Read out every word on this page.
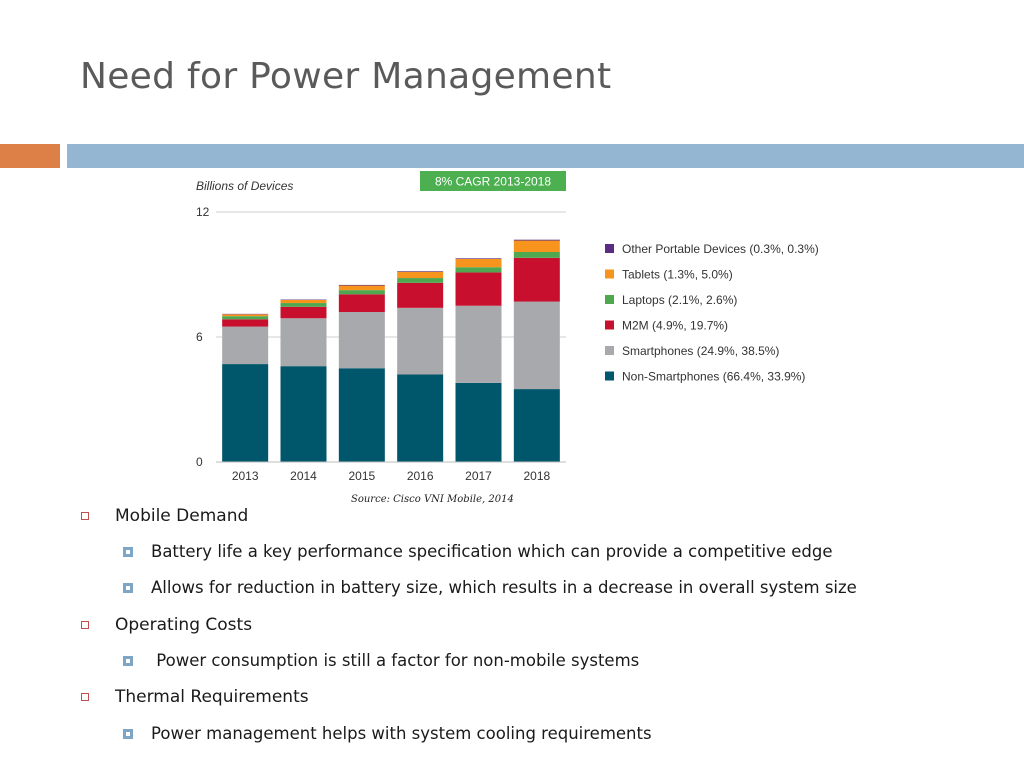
Need for Power Management
Billions of Devices	8% CAGR 2013-2018
0
6
12
2013	2014	2015	2016	2017	2018
Other Portable Devices (0.3%, 0.3%)
Tablets (1.3%, 5.0%)
Laptops (2.1%, 2.6%)
M2M (4.9%, 19.7%)
Smartphones (24.9%, 38.5%)
Non-Smartphones (66.4%, 33.9%)
Source: Cisco VNI Mobile, 2014
Mobile Demand
Battery life a key performance specification which can provide a competitive edge
Allows for reduction in battery size, which results in a decrease in overall system size
Operating Costs
Power consumption is still a factor for non-mobile systems
Thermal Requirements
Power management helps with system cooling requirements
